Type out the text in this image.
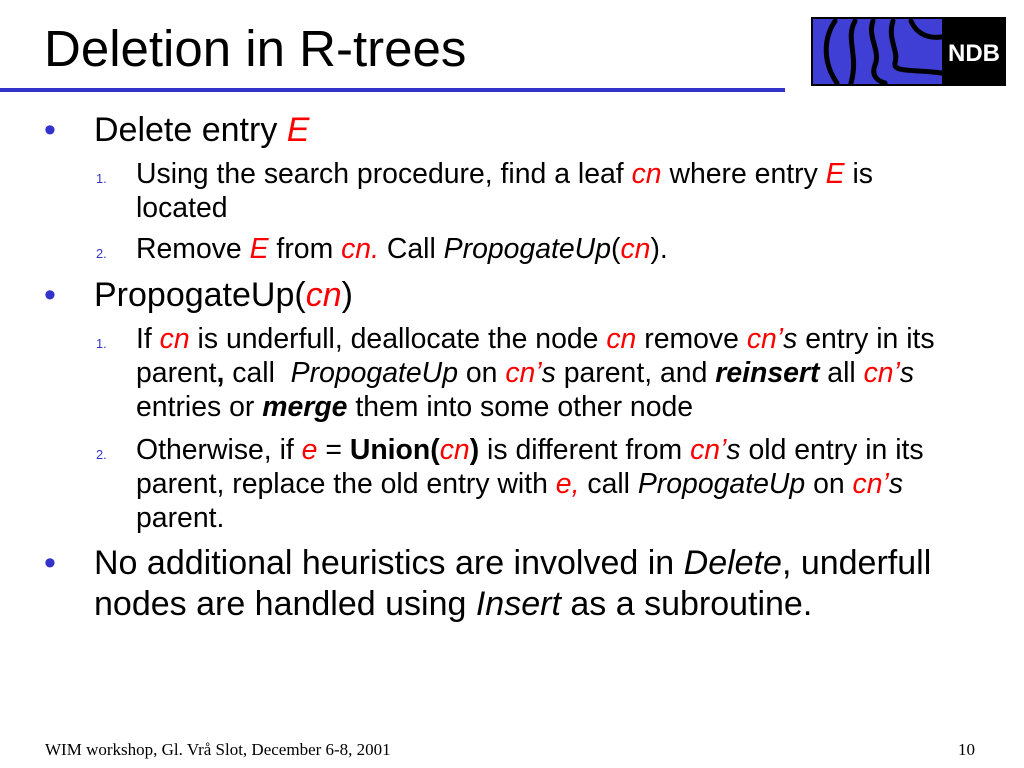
Deletion in R-trees	NDB
•	Delete entry E
1.	Using the search procedure, find a leaf cn where entry E is
located
2.	Remove E from cn. Call PropogateUp ( cn ).
•	PropogateUp( cn )
1.	If cn is underfull, deallocate the node cn remove cn’ s entry in its
parent , call PropogateUp on cn’ s parent, and reinsert all cn’ s
entries or merge them into some other node
2.	Otherwise, if e = Union( cn ) is different from cn’ s old entry in its
parent, replace the old entry with e, call PropogateUp on cn’ s
parent.
•	No additional heuristics are involved in Delete , underfull
nodes are handled using Insert as a subroutine.
WIM workshop, Gl. Vrå Slot, December 6-8, 2001	10
